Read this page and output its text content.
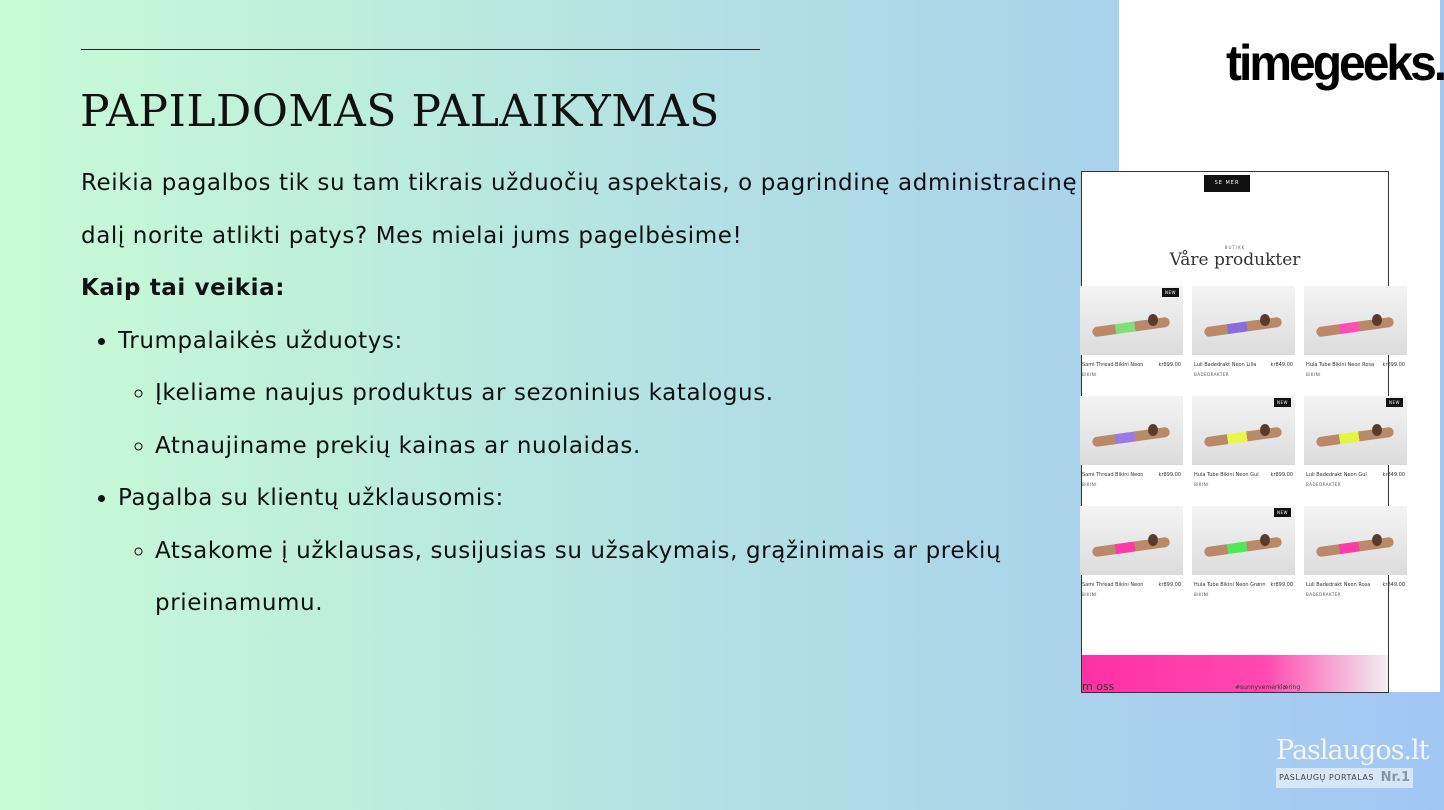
PAPILDOMAS PALAIKYMAS

Reikia pagalbos tik su tam tikrais užduočių aspektais, o pagrindinę administracinę dalį norite atlikti patys? Mes mielai jums pagelbėsime!

Kaip tai veikia:

• Trumpalaikės užduotys:
◦ Įkeliame naujus produktus ar sezoninius katalogus.
◦ Atnaujiname prekių kainas ar nuolaidas.
• Pagalba su klientų užklausomis:
◦ Atsakome į užklausas, susijusias su užsakymais, grąžinimais ar prekių prieinamumu.
timegeeks.
SE MER
BUTIKK
Våre produkter
NEW
Sami Thread Bikini Neon	kr899.00
BIKINI
Luli Badedrakt Neon Lilla	kr849.00
BADEDRAKTER
Hula Tube Bikini Neon Rosa	kr899.00
BIKINI
Sami Thread Bikini Neon	kr899.00
BIKINI
NEW
Hula Tube Bikini Neon Gul	kr899.00
BIKINI
NEW
Luli Badedrakt Neon Gul	kr849.00
BADEDRAKTER
Sami Thread Bikini Neon	kr899.00
BIKINI
NEW
Hula Tube Bikini Neon Grønn kr899.00
BIKINI
Luli Badedrakt Neon Rosa	kr849.00
BADEDRAKTER
m oss	#sunnyvemerklæring
Paslaugos.lt
PASLAUGŲ PORTALAS Nr.1
